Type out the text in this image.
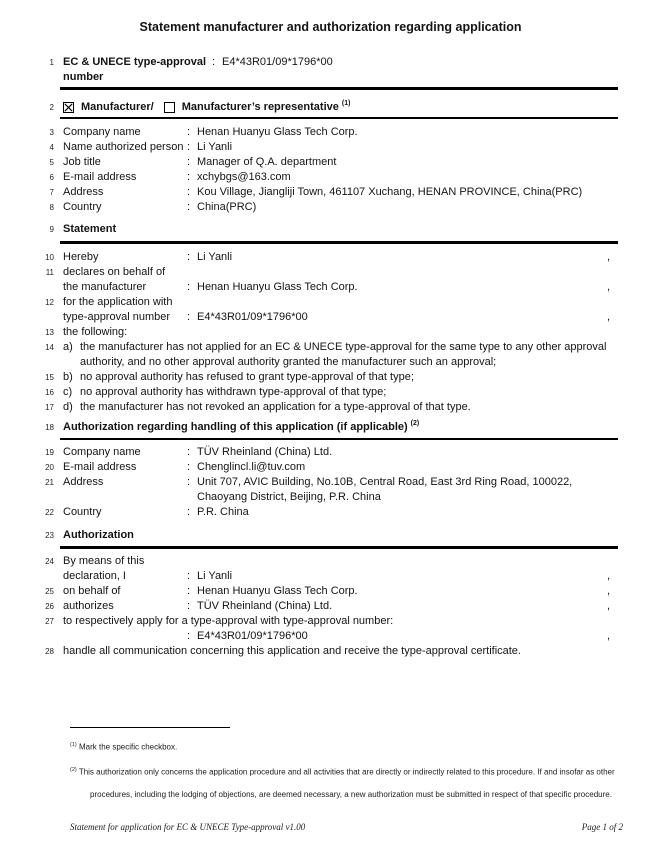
Statement manufacturer and authorization regarding application
1 EC & UNECE type-approval number
: E4*43R01/09*1796*00
2 Manufacturer/	Manufacturer’s representative $^{(1)}$
3 Company name	: Henan Huanyu Glass Tech Corp.
4 Name authorized person : Li Yanli
5 Job title	: Manager of Q.A. department
6 E-mail address	: xchybgs@163.com
7 Address	: Kou Village, Jiangliji Town, 461107 Xuchang, HENAN PROVINCE, China(PRC)
8 Country	: China(PRC)
9 Statement
10 Hereby	: Li Yanli	,
11 declares on behalf of
the manufacturer	: Henan Huanyu Glass Tech Corp.	,
12 for the application with
type-approval number	: E4*43R01/09*1796*00	,
13 the following:
14 a) the manufacturer has not applied for an EC & UNECE type-approval for the same type to any other approval authority, and no other approval authority granted the manufacturer such an approval;
15 b) no approval authority has refused to grant type-approval of that type;
16 c) no approval authority has withdrawn type-approval of that type;
17 d) the manufacturer has not revoked an application for a type-approval of that type.
18 Authorization regarding handling of this application (if applicable) $^{(2)}$
19 Company name	: TÜV Rheinland (China) Ltd.
20 E-mail address	: Chenglincl.li@tuv.com
21 Address	: Unit 707, AVIC Building, No.10B, Central Road, East 3rd Ring Road, 100022,
Chaoyang District, Beijing, P.R. China
22 Country	: P.R. China
23 Authorization
24 By means of this
declaration, I	: Li Yanli	,
25 on behalf of	: Henan Huanyu Glass Tech Corp.	,
26 authorizes	: TÜV Rheinland (China) Ltd.	,
27 to respectively apply for a type-approval with type-approval number:
: E4*43R01/09*1796*00	,
28 handle all communication concerning this application and receive the type-approval certificate.
$^{(1)}$ Mark the specific checkbox.
$^{(2)}$ This authorization only concerns the application procedure and all activities that are directly or indirectly related to this procedure. If and insofar as other procedures, including the lodging of objections, are deemed necessary, a new authorization must be submitted in respect of that specific procedure.
Statement for application for EC & UNECE Type-approval v1.00	Page 1 of 2
